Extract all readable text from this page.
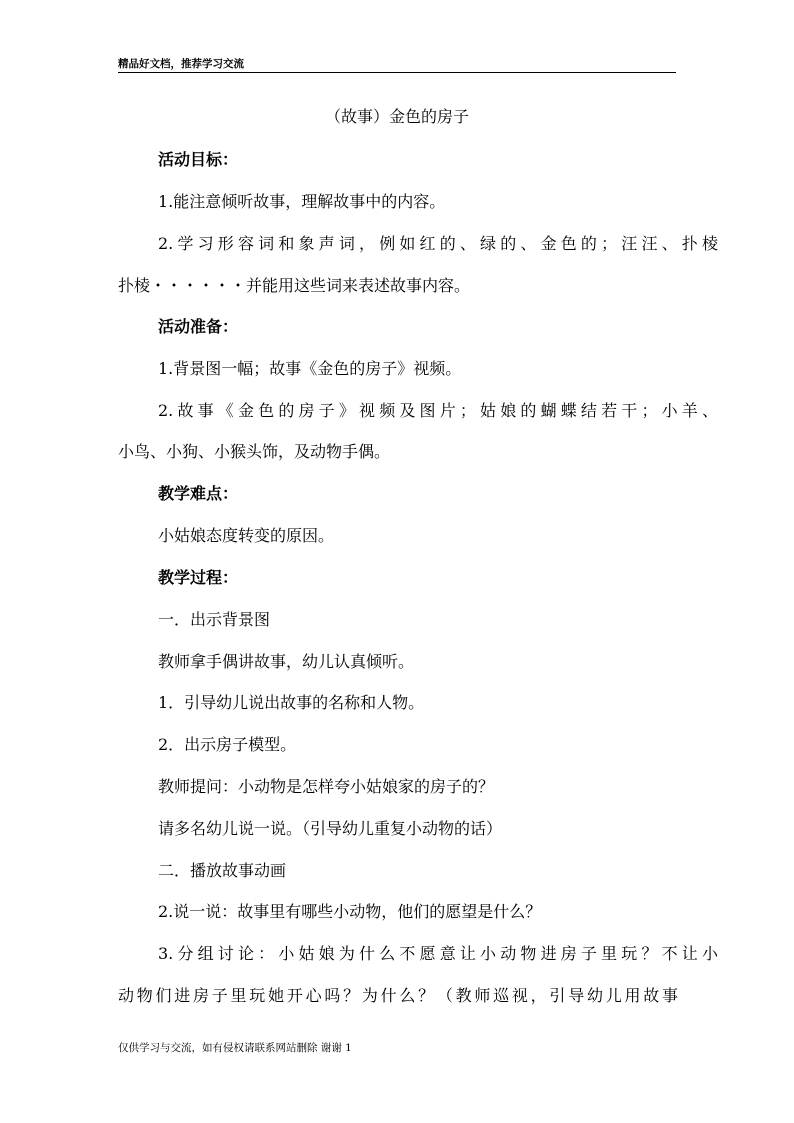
精品好文档，推荐学习交流
（故事）金色的房子
活动目标：
1.能注意倾听故事，理解故事中的内容。
2.学习形容词和象声词，例如红的、绿的、金色的；汪汪、扑棱
扑棱・・・・・・并能用这些词来表述故事内容。
活动准备：
1.背景图一幅；故事《金色的房子》视频。
2.故事《金色的房子》视频及图片；姑娘的蝴蝶结若干；小羊、
小鸟、小狗、小猴头饰，及动物手偶。
教学难点：
小姑娘态度转变的原因。
教学过程：
一．出示背景图
教师拿手偶讲故事，幼儿认真倾听。
1．引导幼儿说出故事的名称和人物。
2．出示房子模型。
教师提问：小动物是怎样夸小姑娘家的房子的？
请多名幼儿说一说。（引导幼儿重复小动物的话）
二．播放故事动画
2.说一说：故事里有哪些小动物，他们的愿望是什么？
3.分组讨论：小姑娘为什么不愿意让小动物进房子里玩？不让小
动物们进房子里玩她开心吗？为什么？（教师巡视，引导幼儿用故事
仅供学习与交流，如有侵权请联系网站删除 谢谢 1
